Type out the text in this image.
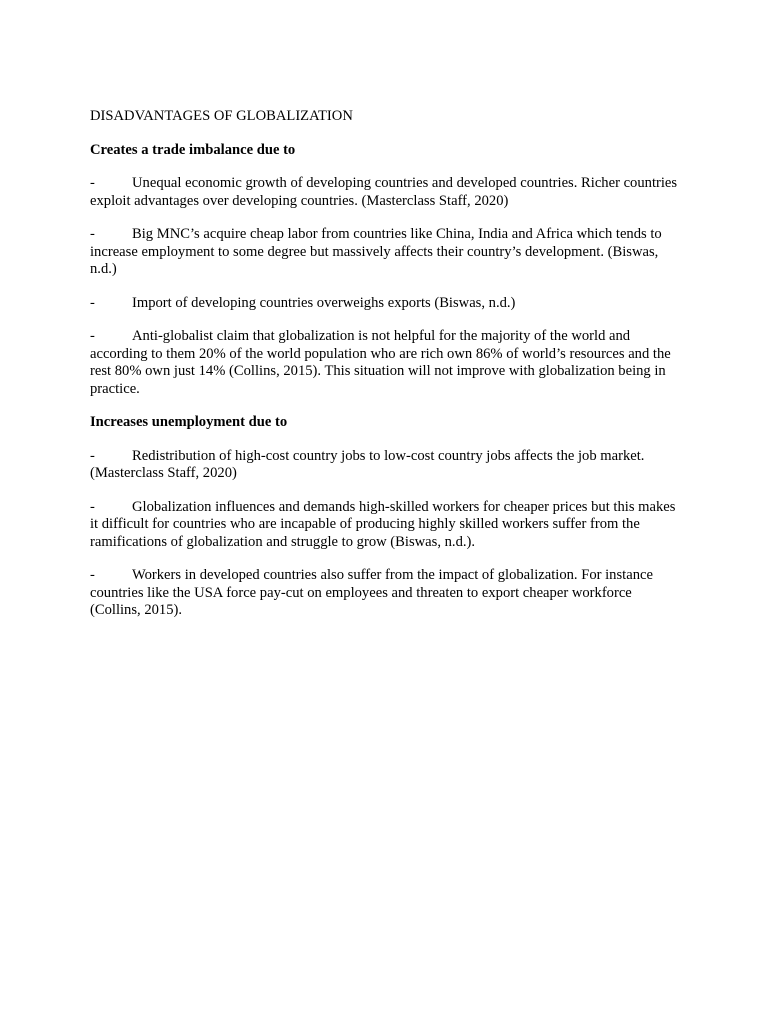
DISADVANTAGES OF GLOBALIZATION

Creates a trade imbalance due to

-	Unequal economic growth of developing countries and developed countries. Richer countries exploit advantages over developing countries. (Masterclass Staff, 2020)

-	Big MNC’s acquire cheap labor from countries like China, India and Africa which tends to increase employment to some degree but massively affects their country’s development. (Biswas, n.d.)

-	Import of developing countries overweighs exports (Biswas, n.d.)

-	Anti-globalist claim that globalization is not helpful for the majority of the world and according to them 20% of the world population who are rich own 86% of world’s resources and the rest 80% own just 14% (Collins, 2015). This situation will not improve with globalization being in practice.

Increases unemployment due to

-	Redistribution of high-cost country jobs to low-cost country jobs affects the job market. (Masterclass Staff, 2020)

-	Globalization influences and demands high-skilled workers for cheaper prices but this makes it difficult for countries who are incapable of producing highly skilled workers suffer from the ramifications of globalization and struggle to grow (Biswas, n.d.).

-	Workers in developed countries also suffer from the impact of globalization. For instance countries like the USA force pay-cut on employees and threaten to export cheaper workforce (Collins, 2015).
